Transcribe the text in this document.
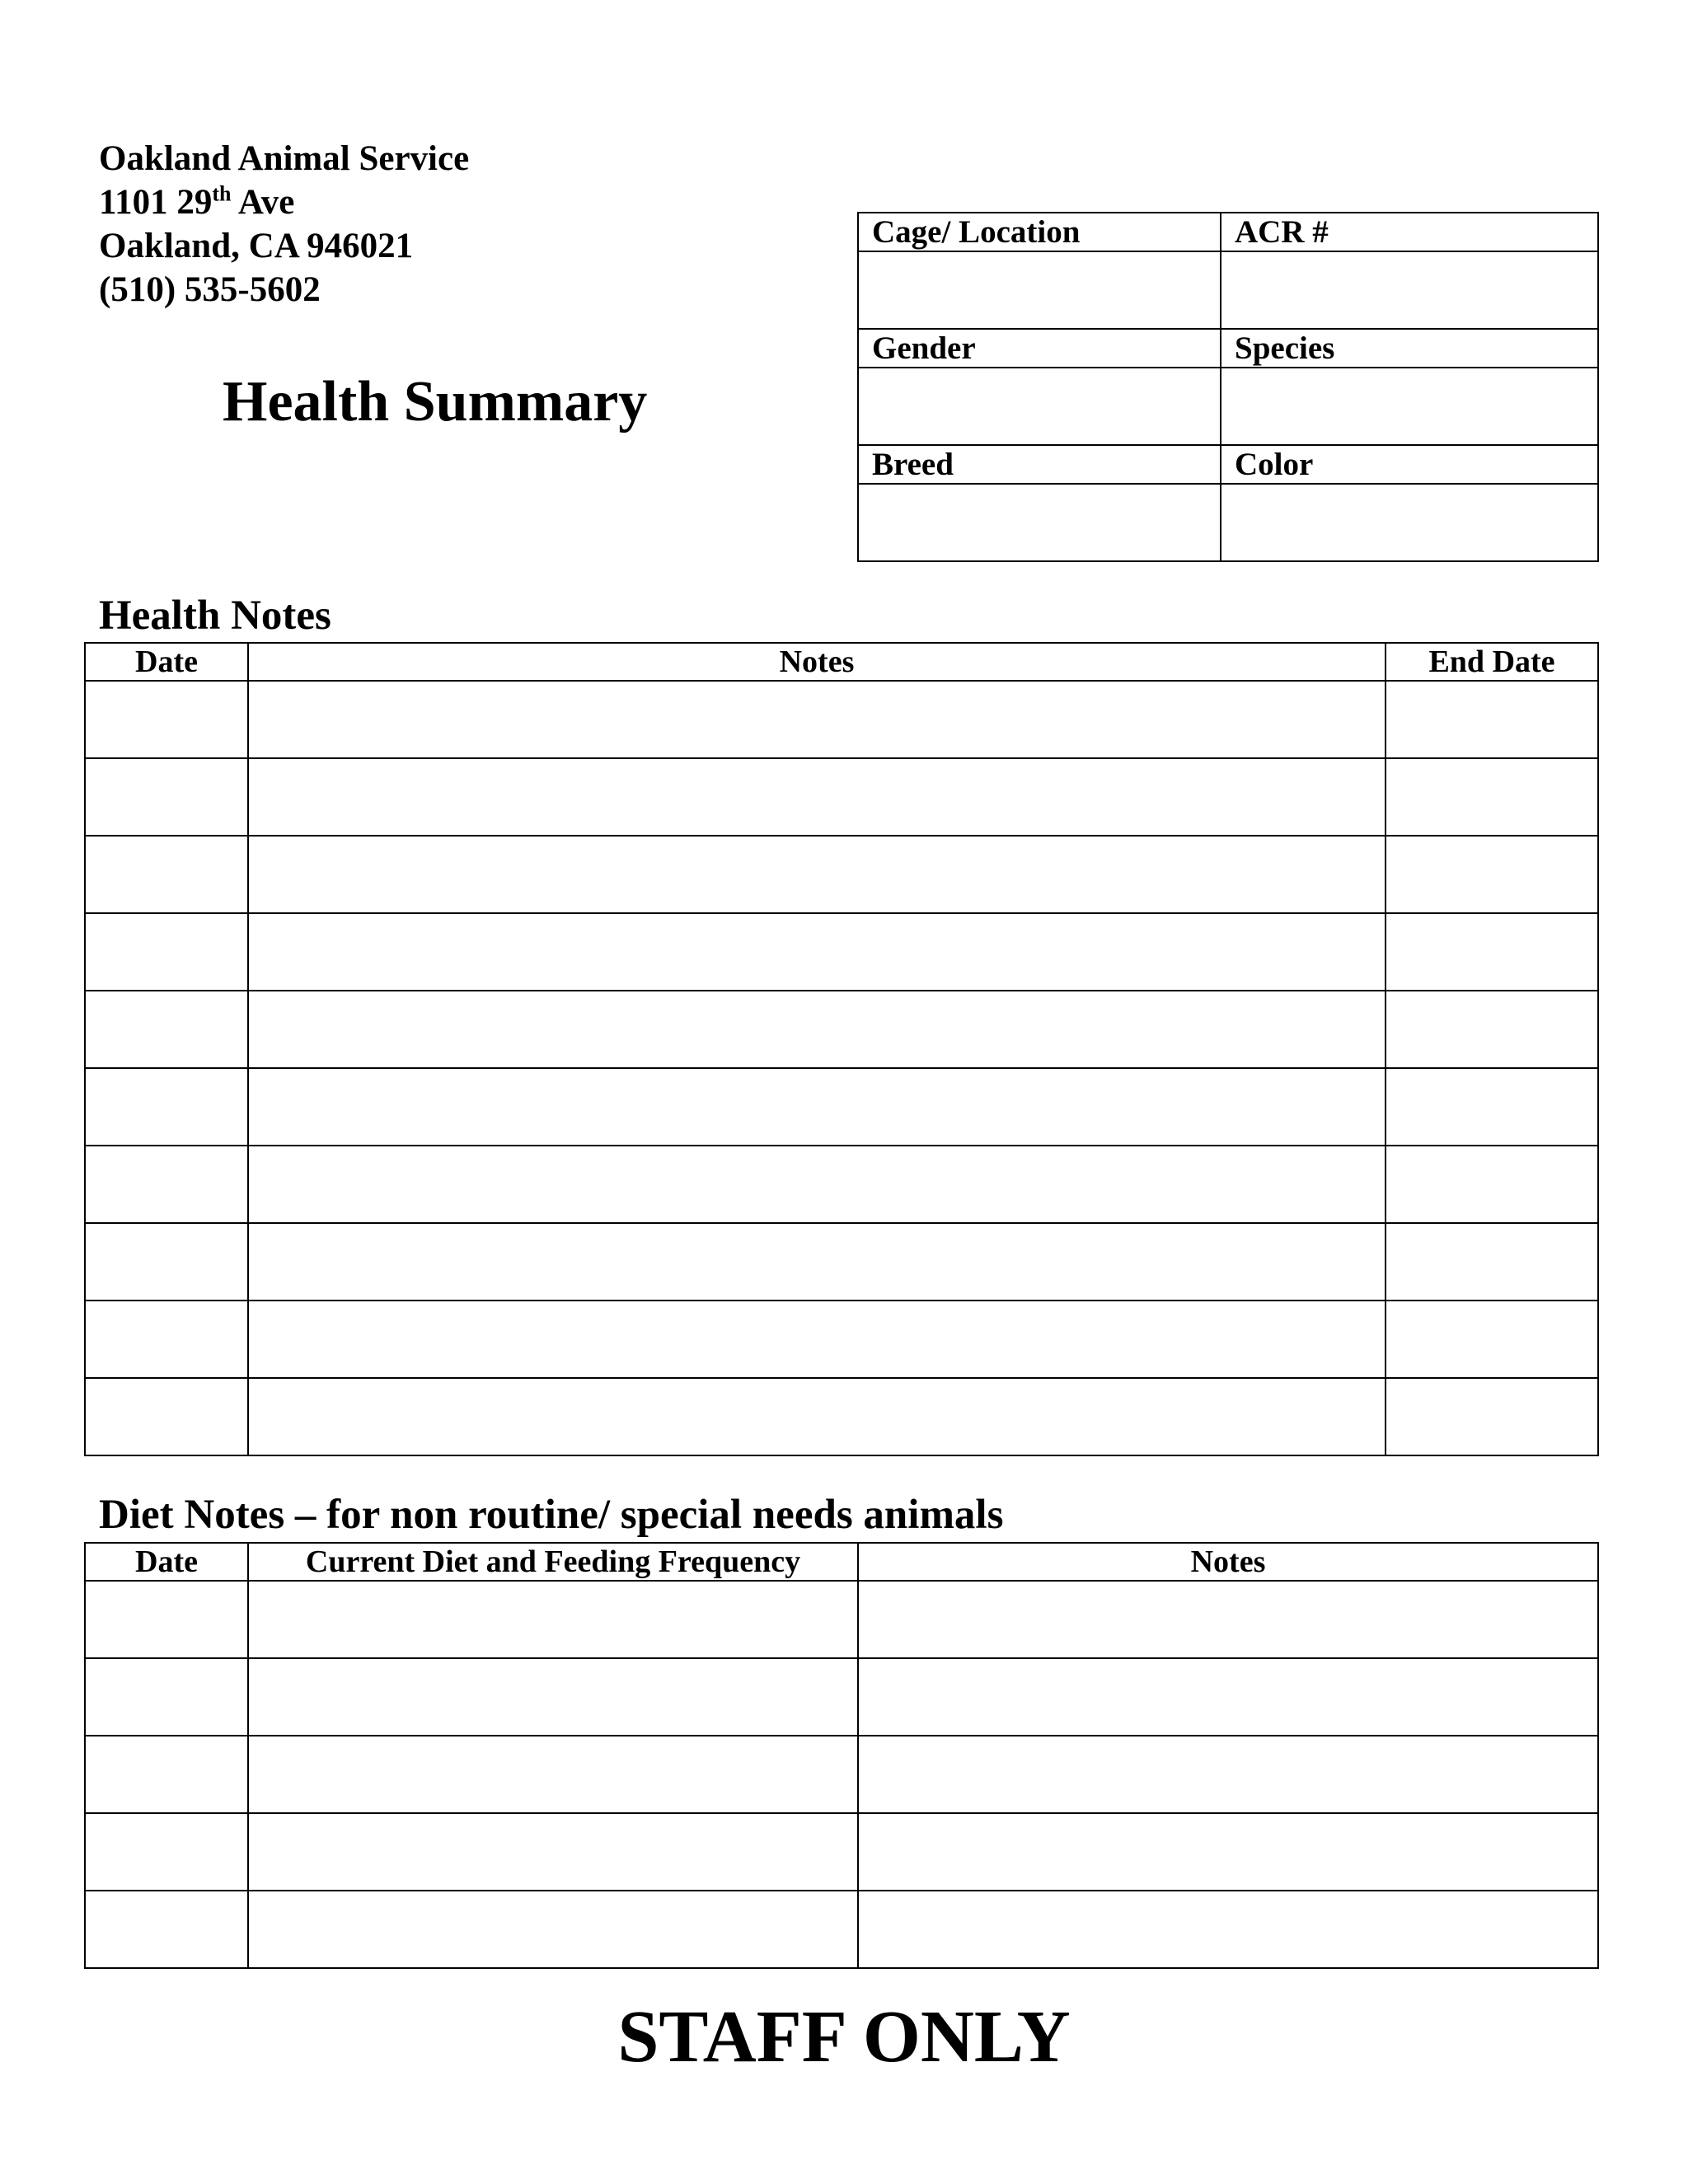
Oakland Animal Service
1101 29th Ave
Oakland, CA 946021
(510) 535-5602
Health Summary
Cage/ Location	ACR #

Gender	Species

Breed	Color

Health Notes
Date	Notes	End Date

Diet Notes – for non routine/ special needs animals
Date	Current Diet and Feeding Frequency	Notes

STAFF ONLY
